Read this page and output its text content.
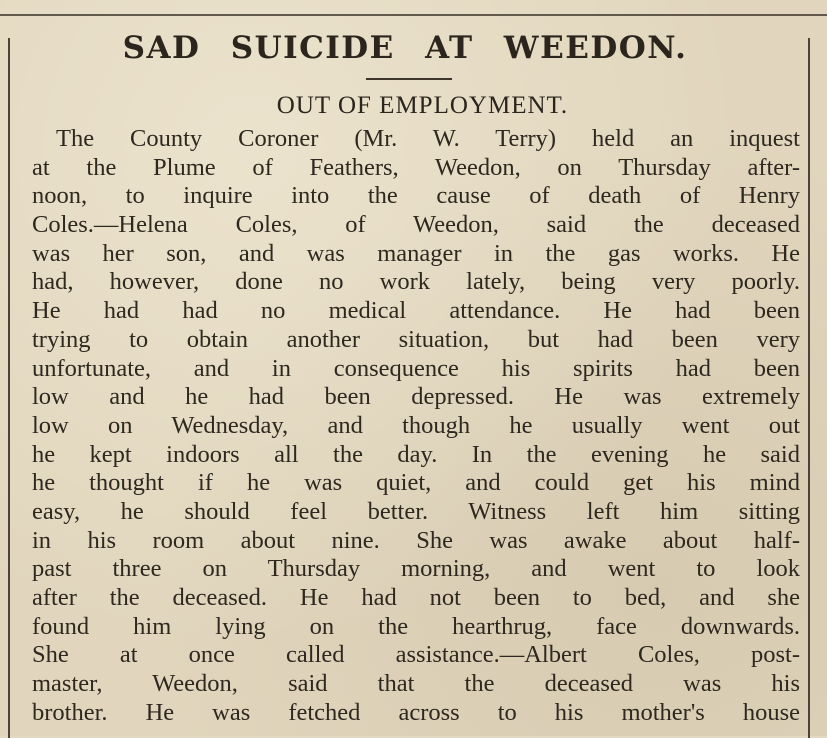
SAD SUICIDE AT WEEDON.
OUT OF EMPLOYMENT.
The County Coroner (Mr. W. Terry) held an inquest
at the Plume of Feathers, Weedon, on Thursday after-
noon, to inquire into the cause of death of Henry
Coles.—Helena Coles, of Weedon, said the deceased
was her son, and was manager in the gas works. He
had, however, done no work lately, being very poorly.
He had had no medical attendance. He had been
trying to obtain another situation, but had been very
unfortunate, and in consequence his spirits had been
low and he had been depressed. He was extremely
low on Wednesday, and though he usually went out
he kept indoors all the day. In the evening he said
he thought if he was quiet, and could get his mind
easy, he should feel better. Witness left him sitting
in his room about nine. She was awake about half-
past three on Thursday morning, and went to look
after the deceased. He had not been to bed, and she
found him lying on the hearthrug, face downwards.
She at once called assistance.—Albert Coles, post-
master, Weedon, said that the deceased was his
brother. He was fetched across to his mother's house
